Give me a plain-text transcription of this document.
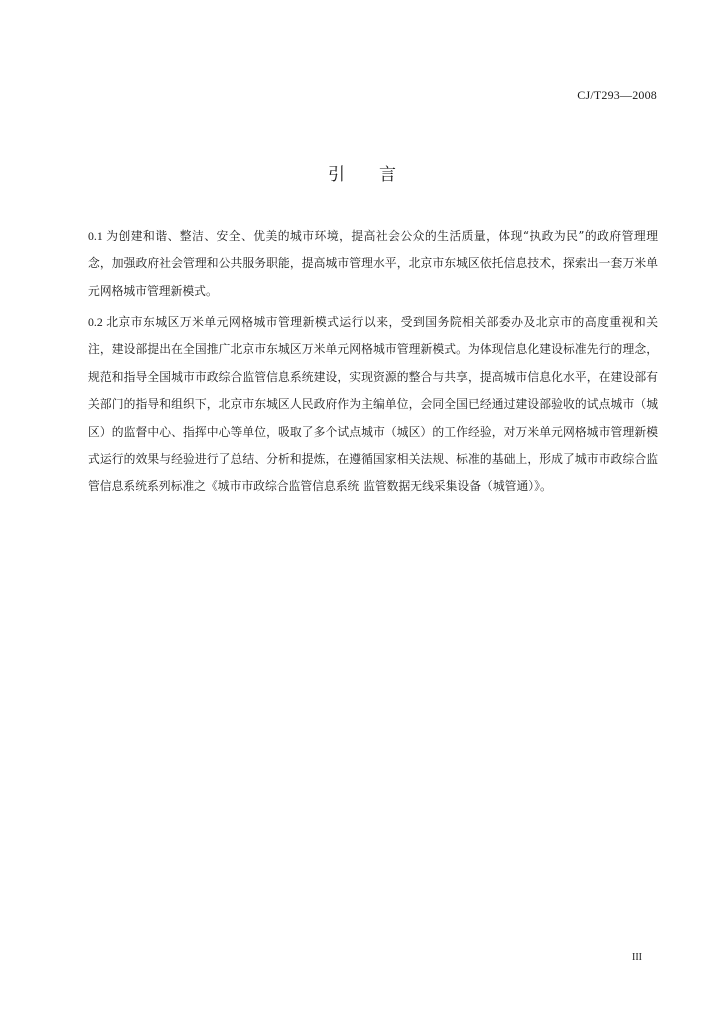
CJ/T293—2008
引　　言

0.1 为创建和谐、整洁、安全、优美的城市环境，提高社会公众的生活质量，体现“执政为民”的政府管理理念，加强政府社会管理和公共服务职能，提高城市管理水平，北京市东城区依托信息技术，探索出一套万米单元网格城市管理新模式。

0.2 北京市东城区万米单元网格城市管理新模式运行以来，受到国务院相关部委办及北京市的高度重视和关注，建设部提出在全国推广北京市东城区万米单元网格城市管理新模式。为体现信息化建设标准先行的理念，规范和指导全国城市市政综合监管信息系统建设，实现资源的整合与共享，提高城市信息化水平，在建设部有关部门的指导和组织下，北京市东城区人民政府作为主编单位，会同全国已经通过建设部验收的试点城市（城区）的监督中心、指挥中心等单位，吸取了多个试点城市（城区）的工作经验，对万米单元网格城市管理新模式运行的效果与经验进行了总结、分析和提炼，在遵循国家相关法规、标准的基础上，形成了城市市政综合监管信息系统系列标准之《城市市政综合监管信息系统 监管数据无线采集设备（城管通）》。

III
